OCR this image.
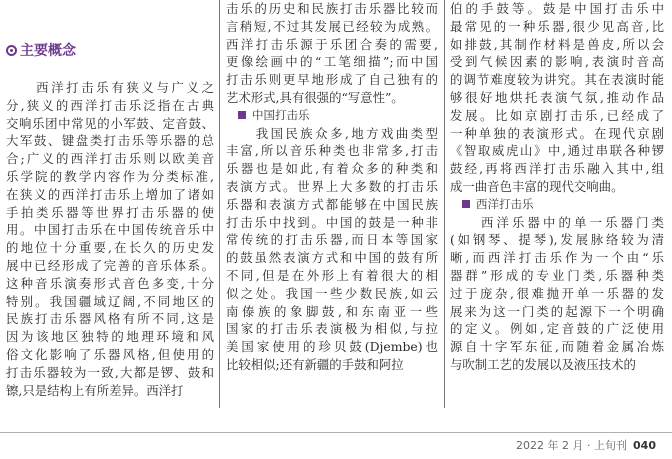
主要概念
　　西洋打击乐有狭义与广义之
分,狭义的西洋打击乐泛指在古典
交响乐团中常见的小军鼓、定音鼓、
大军鼓、键盘类打击乐等乐器的总
合;广义的西洋打击乐则以欧美音
乐学院的教学内容作为分类标准,
在狭义的西洋打击乐上增加了诸如
手拍类乐器等世界打击乐器的使
用。中国打击乐在中国传统音乐中
的地位十分重要,在长久的历史发
展中已经形成了完善的音乐体系。
这种音乐演奏形式音色多变,十分
特别。我国疆域辽阔,不同地区的
民族打击乐器风格有所不同,这是
因为该地区独特的地理环境和风
俗文化影响了乐器风格,但使用的
打击乐器较为一致,大都是锣、鼓和
镲,只是结构上有所差异。西洋打
击乐的历史和民族打击乐器比较而
言稍短,不过其发展已经较为成熟。
西洋打击乐源于乐团合奏的需要,
更像绘画中的“工笔细描”;而中国
打击乐则更早地形成了自己独有的
艺术形式,具有很强的“写意性”。
中国打击乐
　　我国民族众多,地方戏曲类型
丰富,所以音乐种类也非常多,打击
乐器也是如此,有着众多的种类和
表演方式。世界上大多数的打击乐
乐器和表演方式都能够在中国民族
打击乐中找到。中国的鼓是一种非
常传统的打击乐器,而日本等国家
的鼓虽然表演方式和中国的鼓有所
不同,但是在外形上有着很大的相
似之处。我国一些少数民族,如云
南傣族的象脚鼓,和东南亚一些
国家的打击乐表演极为相似,与拉
美国家使用的珍贝鼓(Djembe)也
比较相似;还有新疆的手鼓和阿拉
伯的手鼓等。鼓是中国打击乐中
最常见的一种乐器,很少见高音,比
如排鼓,其制作材料是兽皮,所以会
受到气候因素的影响,表演时音高
的调节难度较为讲究。其在表演时能
够很好地烘托表演气氛,推动作品
发展。比如京剧打击乐,已经成了
一种单独的表演形式。在现代京剧
《智取威虎山》中,通过串联各种锣
鼓经,再将西洋打击乐融入其中,组
成一曲音色丰富的现代交响曲。
西洋打击乐
　　西洋乐器中的单一乐器门类
(如钢琴、提琴),发展脉络较为清
晰,而西洋打击乐作为一个由“乐
器群”形成的专业门类,乐器种类
过于庞杂,很难抛开单一乐器的发
展来为这一门类的起源下一个明确
的定义。例如,定音鼓的广泛使用
源自十字军东征,而随着金属冶炼
与吹制工艺的发展以及液压技术的
2022 年 2 月 · 上旬刊 040
